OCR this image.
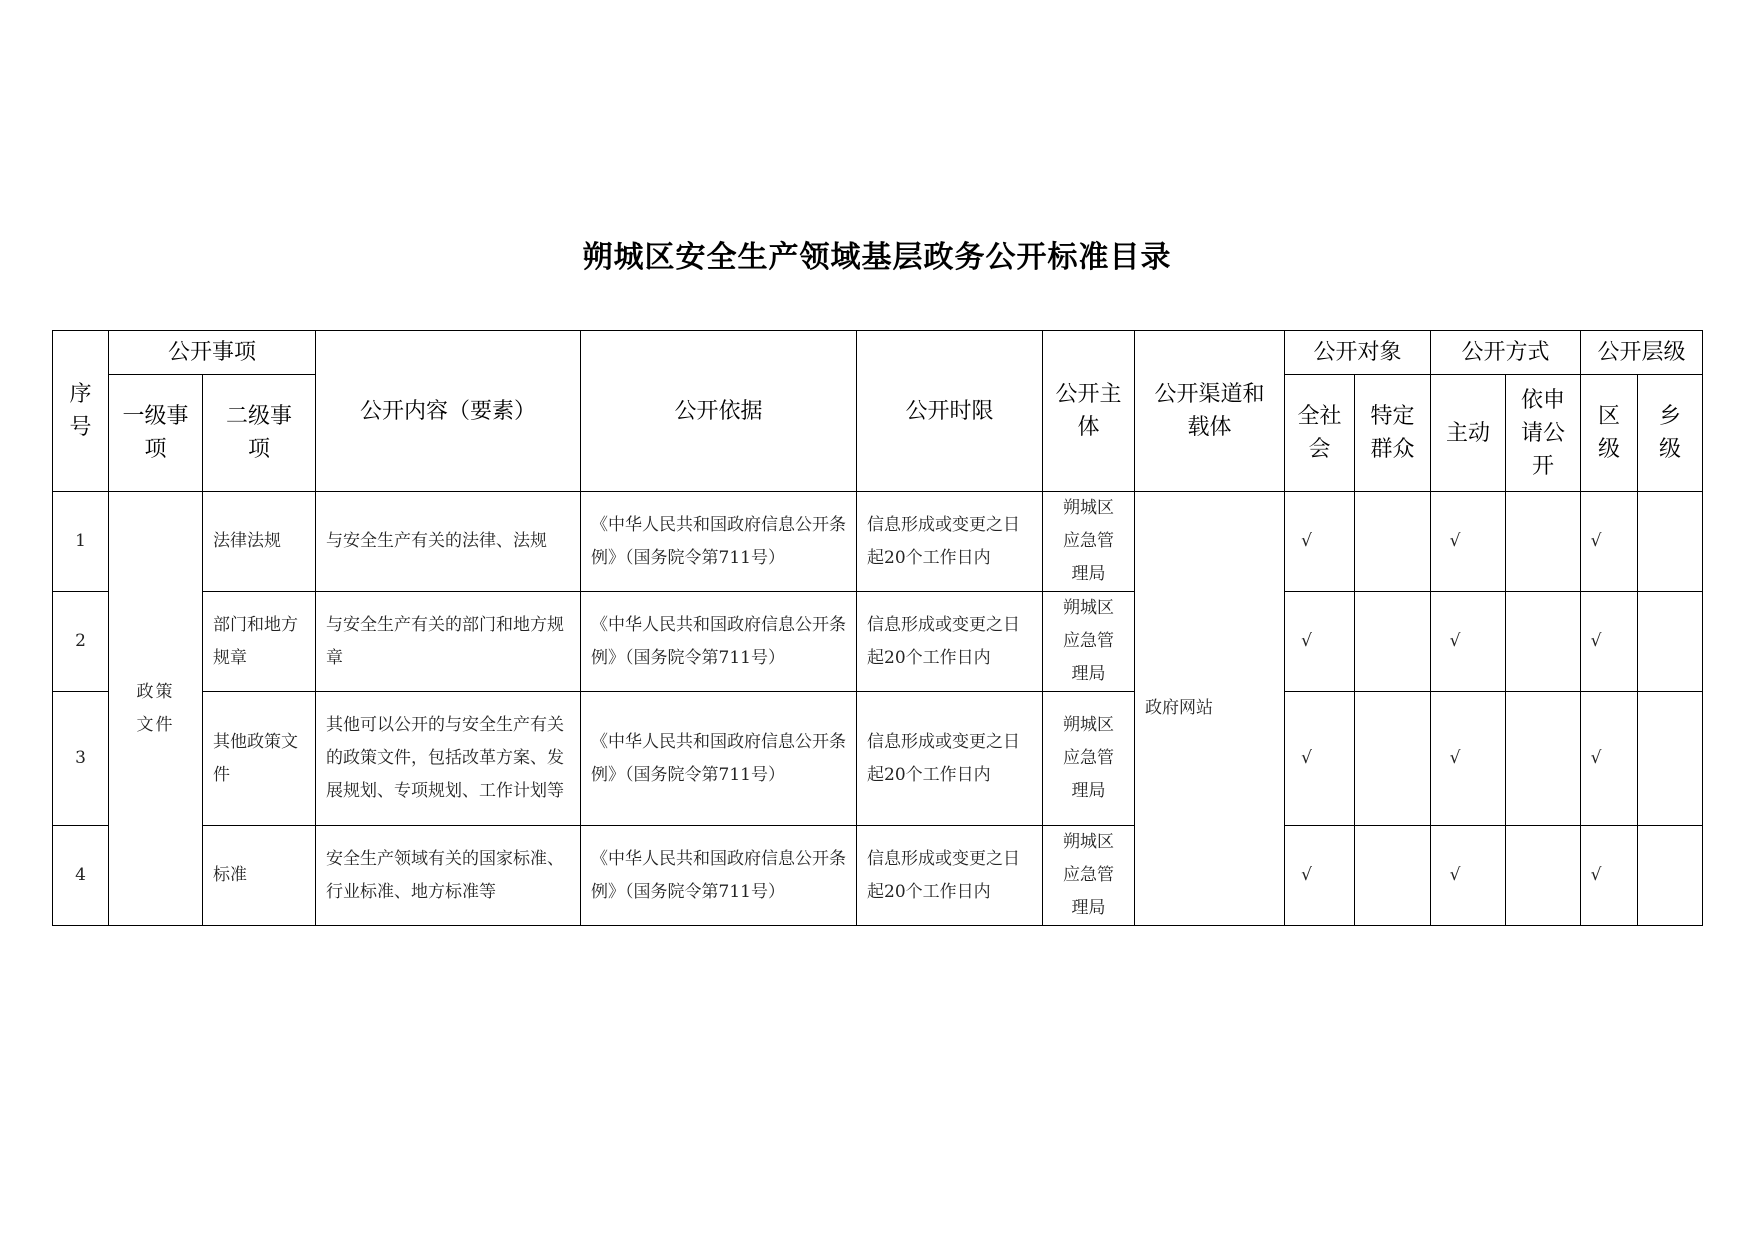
朔城区安全生产领域基层政务公开标准目录
序号	公开事项		公开内容（要素）	公开依据	公开时限	公开主体	公开渠道和载体	公开对象		公开方式		公开层级	

	一级事项	二级事项						全社会	特定群众	主动	依申请公开	区级	乡级

1	政策文件	法律法规	与安全生产有关的法律、法规	《中华人民共和国政府信息公开条例》（国务院令第711号）	信息形成或变更之日起20个工作日内	朔城区应急管理局	政府网站	√		√		√	
2		部门和地方规章	与安全生产有关的部门和地方规章	《中华人民共和国政府信息公开条例》（国务院令第711号）	信息形成或变更之日起20个工作日内	朔城区应急管理局		√		√		√	
3		其他政策文件	其他可以公开的与安全生产有关的政策文件，包括改革方案、发展规划、专项规划、工作计划等	《中华人民共和国政府信息公开条例》（国务院令第711号）	信息形成或变更之日起20个工作日内	朔城区应急管理局		√		√		√	
4		标准	安全生产领域有关的国家标准、行业标准、地方标准等	《中华人民共和国政府信息公开条例》（国务院令第711号）	信息形成或变更之日起20个工作日内	朔城区应急管理局		√		√		√	
